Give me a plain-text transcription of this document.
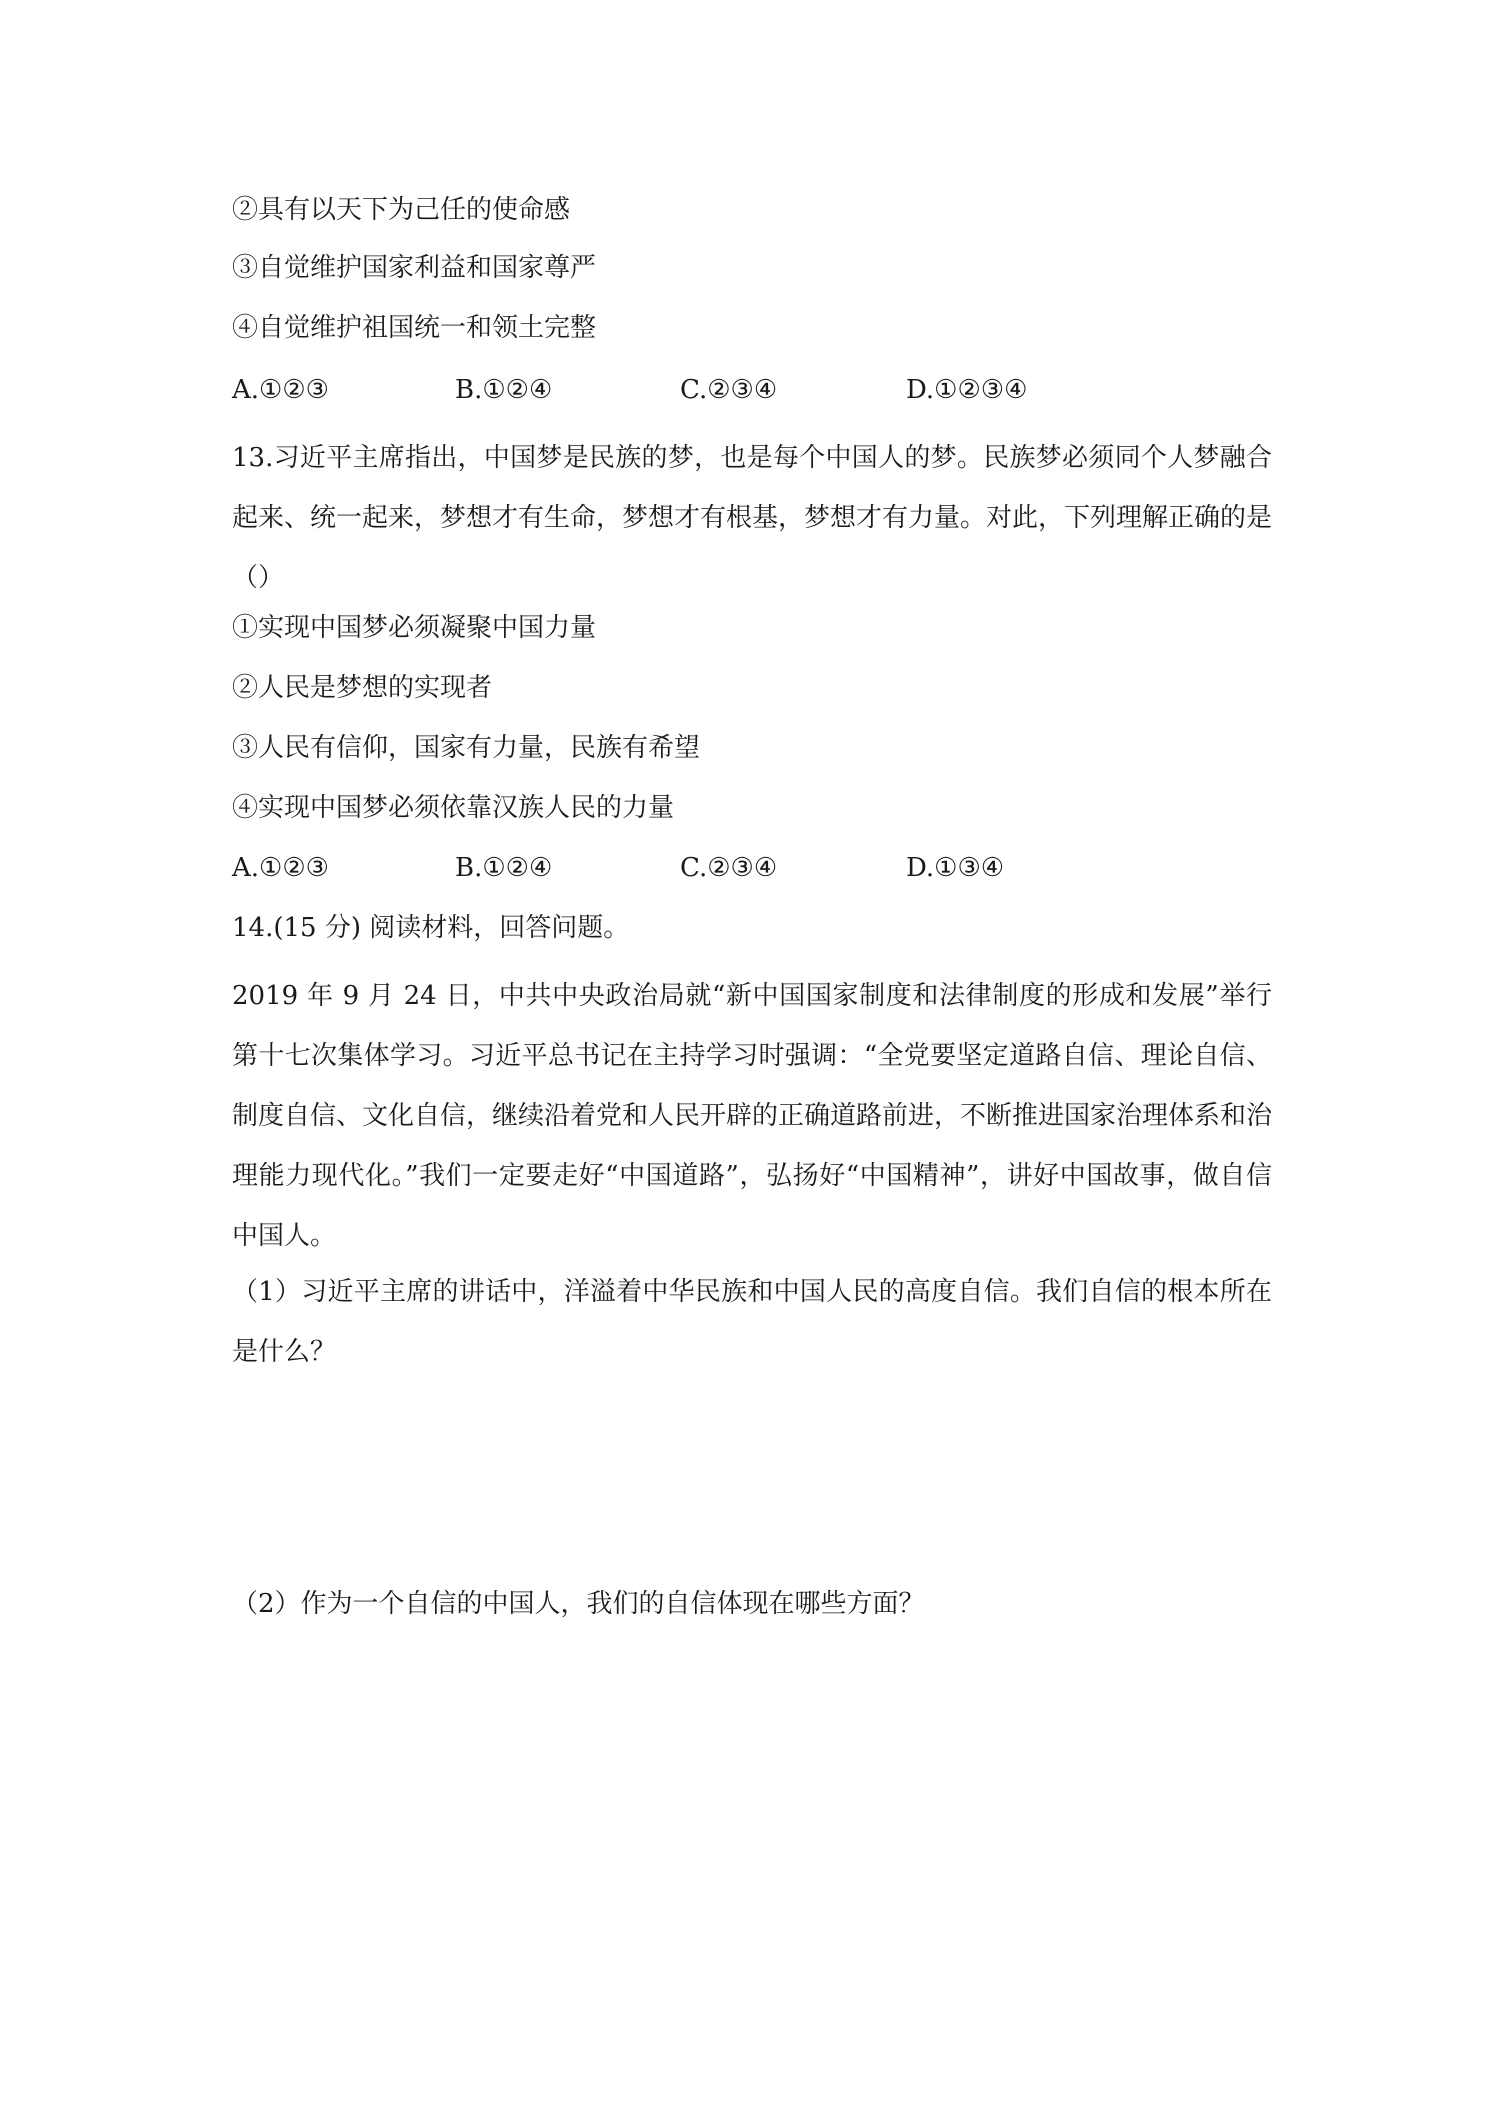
②具有以天下为己任的使命感
③自觉维护国家利益和国家尊严
④自觉维护祖国统一和领土完整
A.①②③	B.①②④	C.②③④	D.①②③④
13.习近平主席指出，中国梦是民族的梦，也是每个中国人的梦。民族梦必须同个人梦融合起来、统一起来，梦想才有生命，梦想才有根基，梦想才有力量。对此，下列理解正确的是（）
①实现中国梦必须凝聚中国力量
②人民是梦想的实现者
③人民有信仰，国家有力量，民族有希望
④实现中国梦必须依靠汉族人民的力量
A.①②③	B.①②④	C.②③④	D.①③④
14.(15 分) 阅读材料，回答问题。
2019 年 9 月 24 日，中共中央政治局就“新中国国家制度和法律制度的形成和发展”举行第十七次集体学习。习近平总书记在主持学习时强调：“全党要坚定道路自信、理论自信、制度自信、文化自信，继续沿着党和人民开辟的正确道路前进，不断推进国家治理体系和治理能力现代化。”我们一定要走好“中国道路”，弘扬好“中国精神”，讲好中国故事，做自信中国人。
（1）习近平主席的讲话中，洋溢着中华民族和中国人民的高度自信。我们自信的根本所在是什么？
（2）作为一个自信的中国人，我们的自信体现在哪些方面？
